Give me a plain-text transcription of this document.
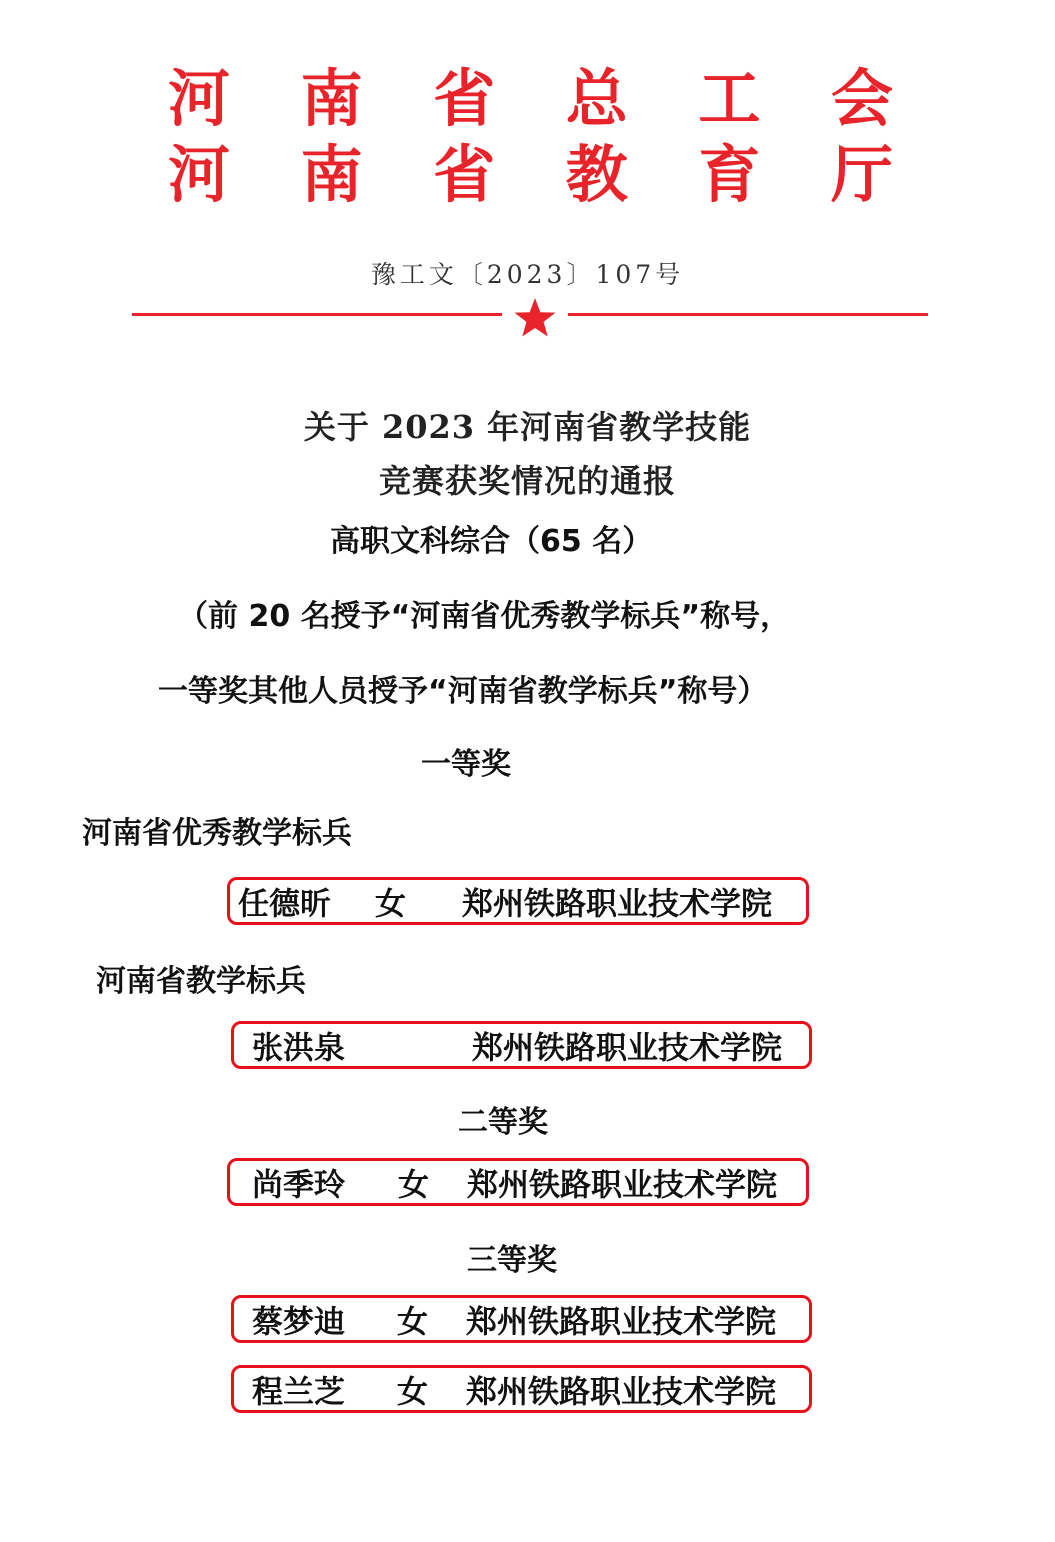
河 南 省 总 工 会
河 南 省 教 育 厅
豫工文〔2023〕107号
关于 2023 年河南省教学技能
竞赛获奖情况的通报
高职文科综合（65 名）
（前 20 名授予“河南省优秀教学标兵”称号，
一等奖其他人员授予“河南省教学标兵”称号）
一等奖
河南省优秀教学标兵
任德昕 女 郑州铁路职业技术学院
河南省教学标兵
张洪泉	郑州铁路职业技术学院
二等奖
尚季玲 女 郑州铁路职业技术学院
三等奖
蔡梦迪 女 郑州铁路职业技术学院
程兰芝 女 郑州铁路职业技术学院
